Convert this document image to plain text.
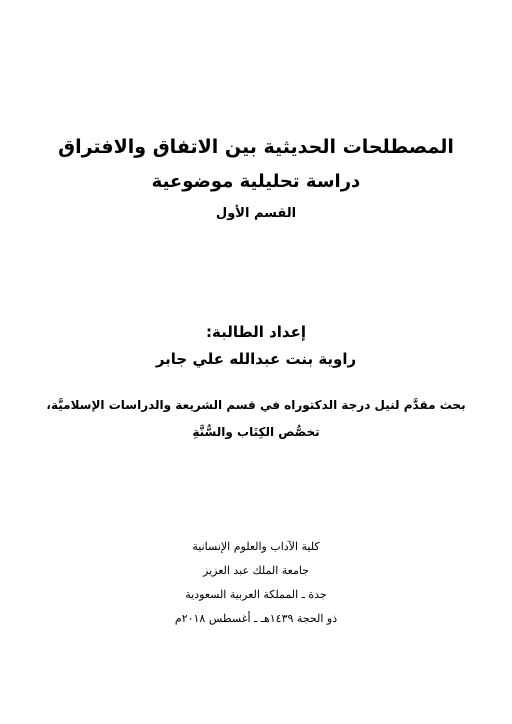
المصطلحات الحديثية بين الاتفاق والافتراق
دراسة تحليلية موضوعية
القسم الأول
إعداد الطالبة:
راوية بنت عبدالله علي جابر
بحث مقدَّم لنيل درجة الدكتوراه في قسم الشريعة والدراسات الإسلاميَّة،
تخصُّص الكِتَاب والسُّنَّةِ
كلية الآداب والعلوم الإنسانية
جامعة الملك عبد العزيز
جدة ـ المملكة العربية السعودية
ذو الحجة ١٤٣٩هـ ـ أغسطس ٢٠١٨م
